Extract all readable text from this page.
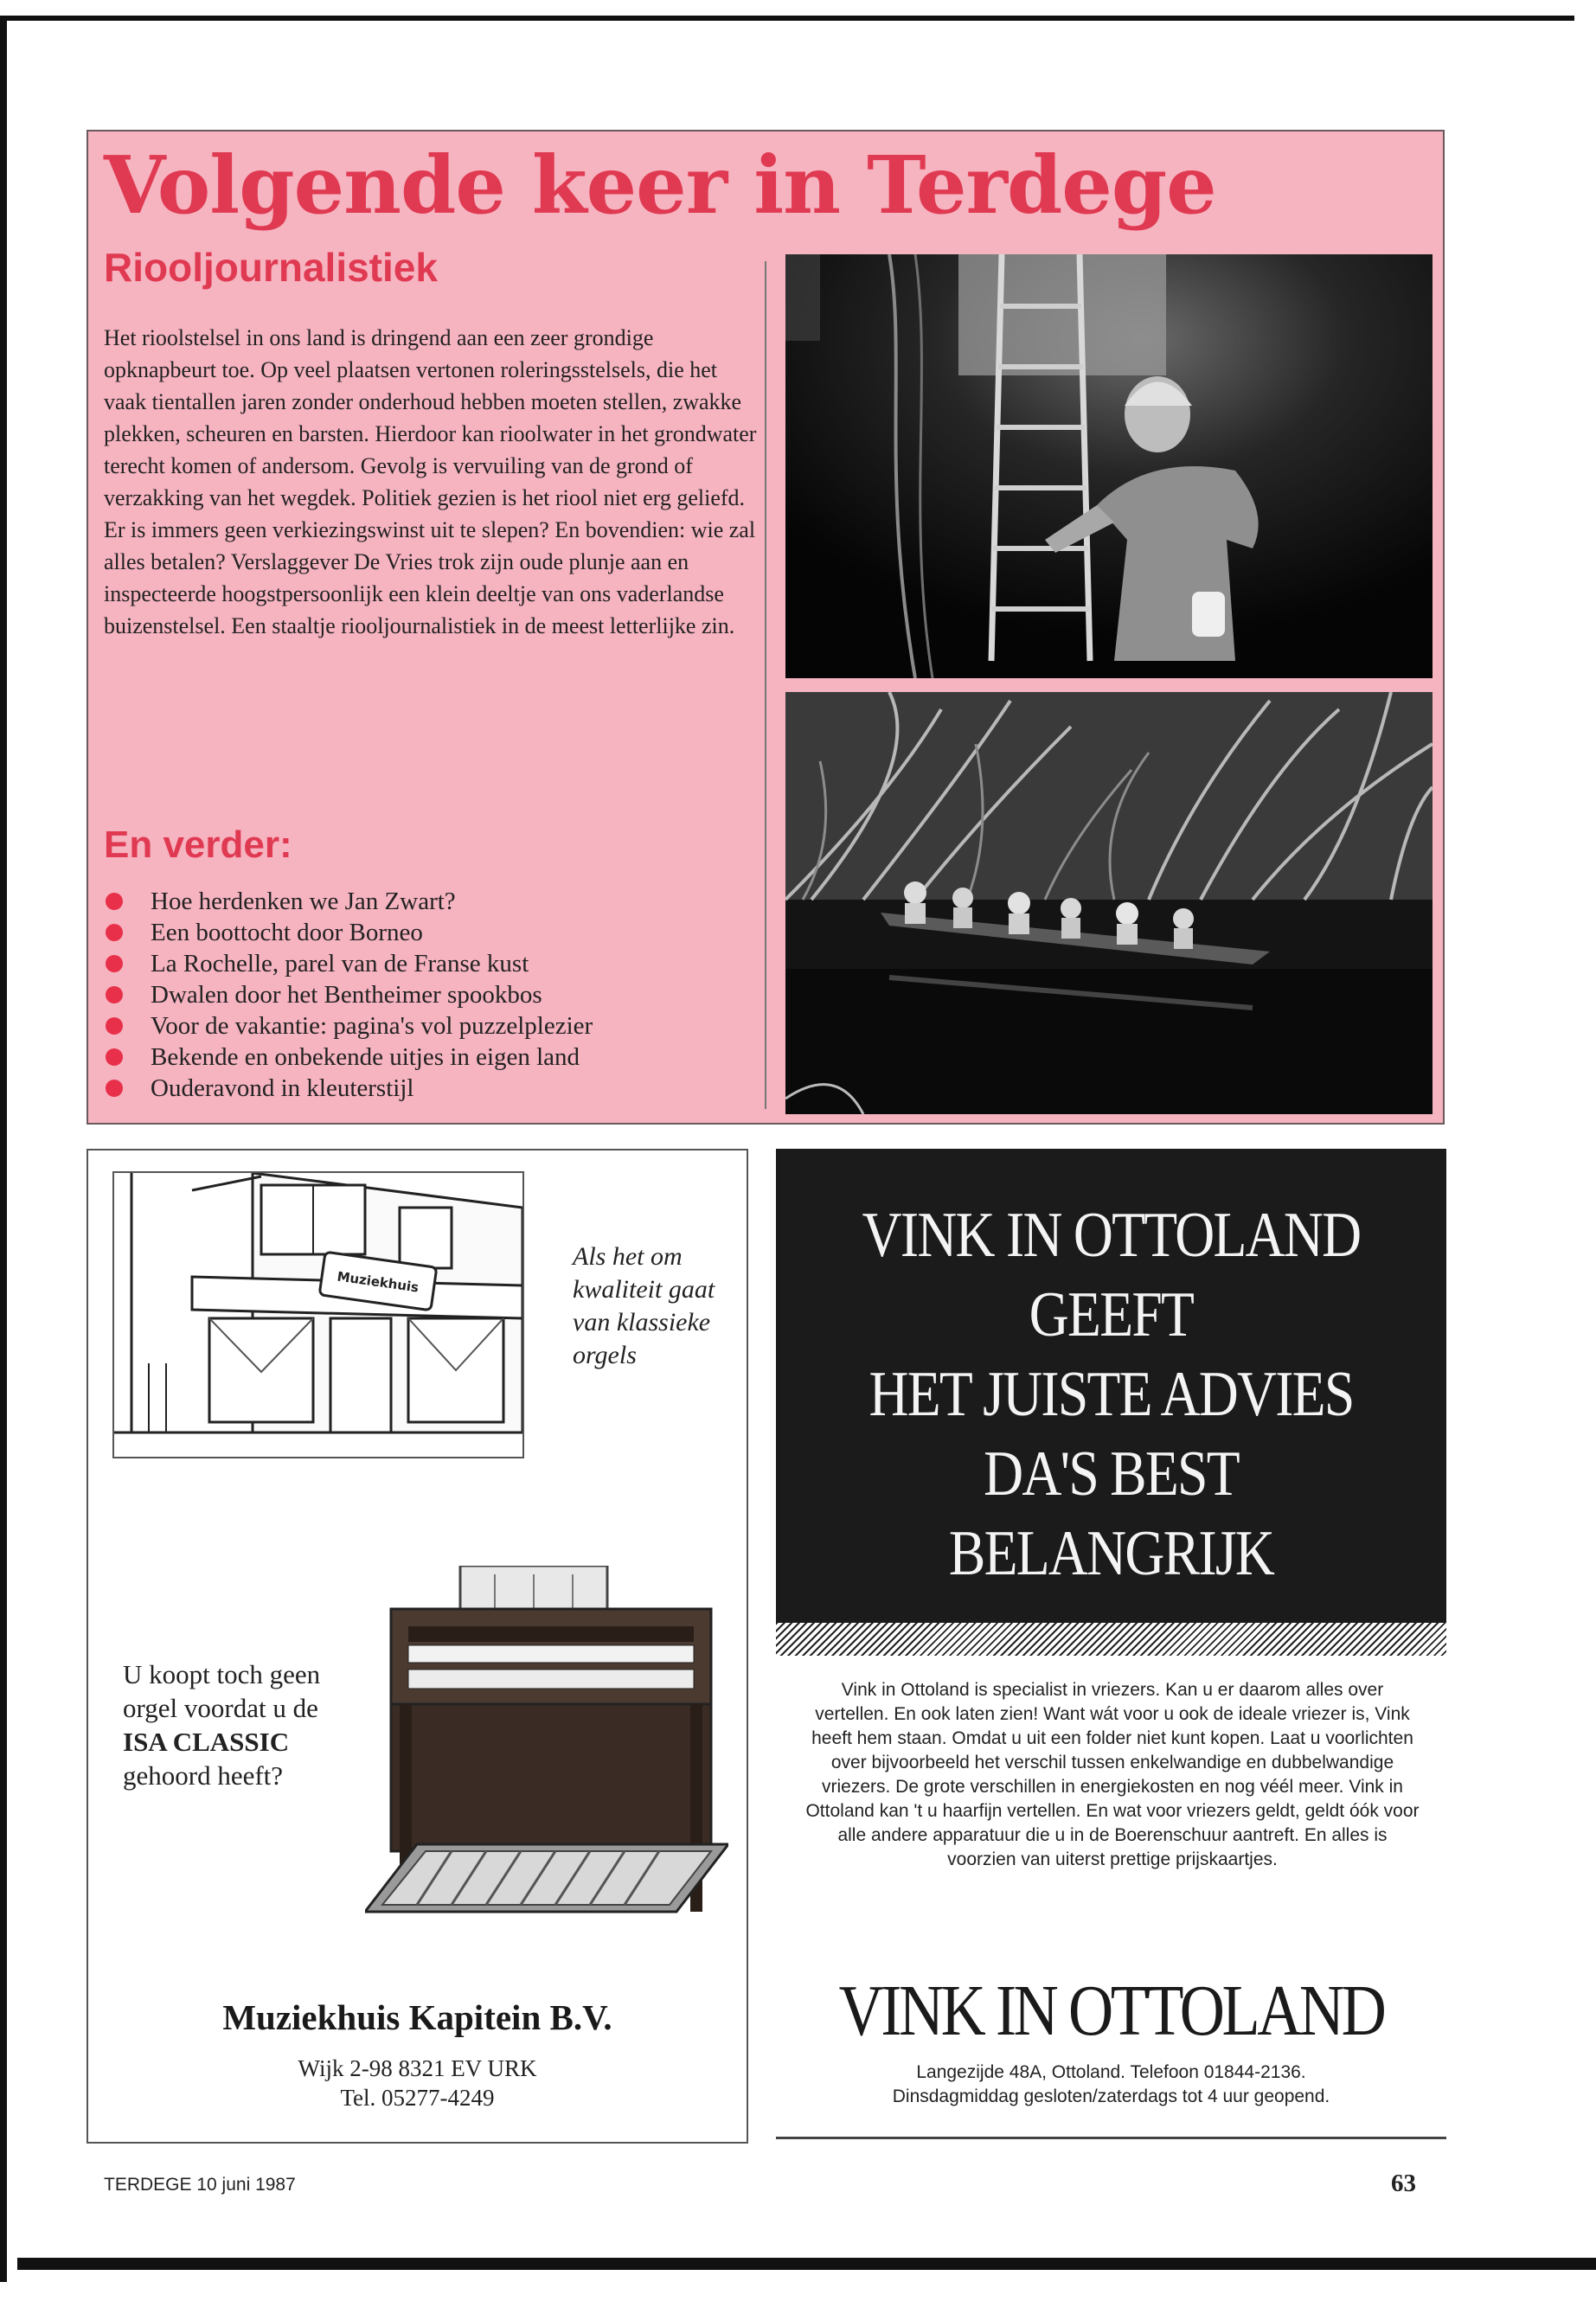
Volgende keer in Terdege
Riooljournalistiek

Het rioolstelsel in ons land is dringend aan een zeer grondige opknapbeurt toe. Op veel plaatsen vertonen roleringsstelsels, die het vaak tientallen jaren zonder onderhoud hebben moeten stellen, zwakke plekken, scheuren en barsten. Hierdoor kan rioolwater in het grondwater terecht komen of andersom. Gevolg is vervuiling van de grond of verzakking van het wegdek. Politiek gezien is het riool niet erg geliefd. Er is immers geen verkiezingswinst uit te slepen? En bovendien: wie zal alles betalen? Verslaggever De Vries trok zijn oude plunje aan en inspecteerde hoogstpersoonlijk een klein deeltje van ons vaderlandse buizenstelsel. Een staaltje riooljournalistiek in de meest letterlijke zin.

En verder:
Hoe herdenken we Jan Zwart?
Een boottocht door Borneo
La Rochelle, parel van de Franse kust
Dwalen door het Bentheimer spookbos
Voor de vakantie: pagina's vol puzzelplezier
Bekende en onbekende uitjes in eigen land
Ouderavond in kleuterstijl
Muziekhuis

Als het om kwaliteit gaat van klassieke orgels

U koopt toch geen orgel voordat u de ISA CLASSIC gehoord heeft?

Muziekhuis Kapitein B.V.

Wijk 2-98 8321 EV URK
Tel. 05277-4249

VINK IN OTTOLAND
GEEFT
HET JUISTE ADVIES
DA'S BEST
BELANGRIJK

Vink in Ottoland is specialist in vriezers. Kan u er daarom alles over vertellen. En ook laten zien! Want wát voor u ook de ideale vriezer is, Vink heeft hem staan. Omdat u uit een folder niet kunt kopen. Laat u voorlichten over bijvoorbeeld het verschil tussen enkelwandige en dubbelwandige vriezers. De grote verschillen in energiekosten en nog véél meer. Vink in Ottoland kan 't u haarfijn vertellen. En wat voor vriezers geldt, geldt óók voor alle andere apparatuur die u in de Boerenschuur aantreft. En alles is voorzien van uiterst prettige prijskaartjes.

VINK IN OTTOLAND

Langezijde 48A, Ottoland. Telefoon 01844-2136.
Dinsdagmiddag gesloten/zaterdags tot 4 uur geopend.

TERDEGE 10 juni 1987	63
